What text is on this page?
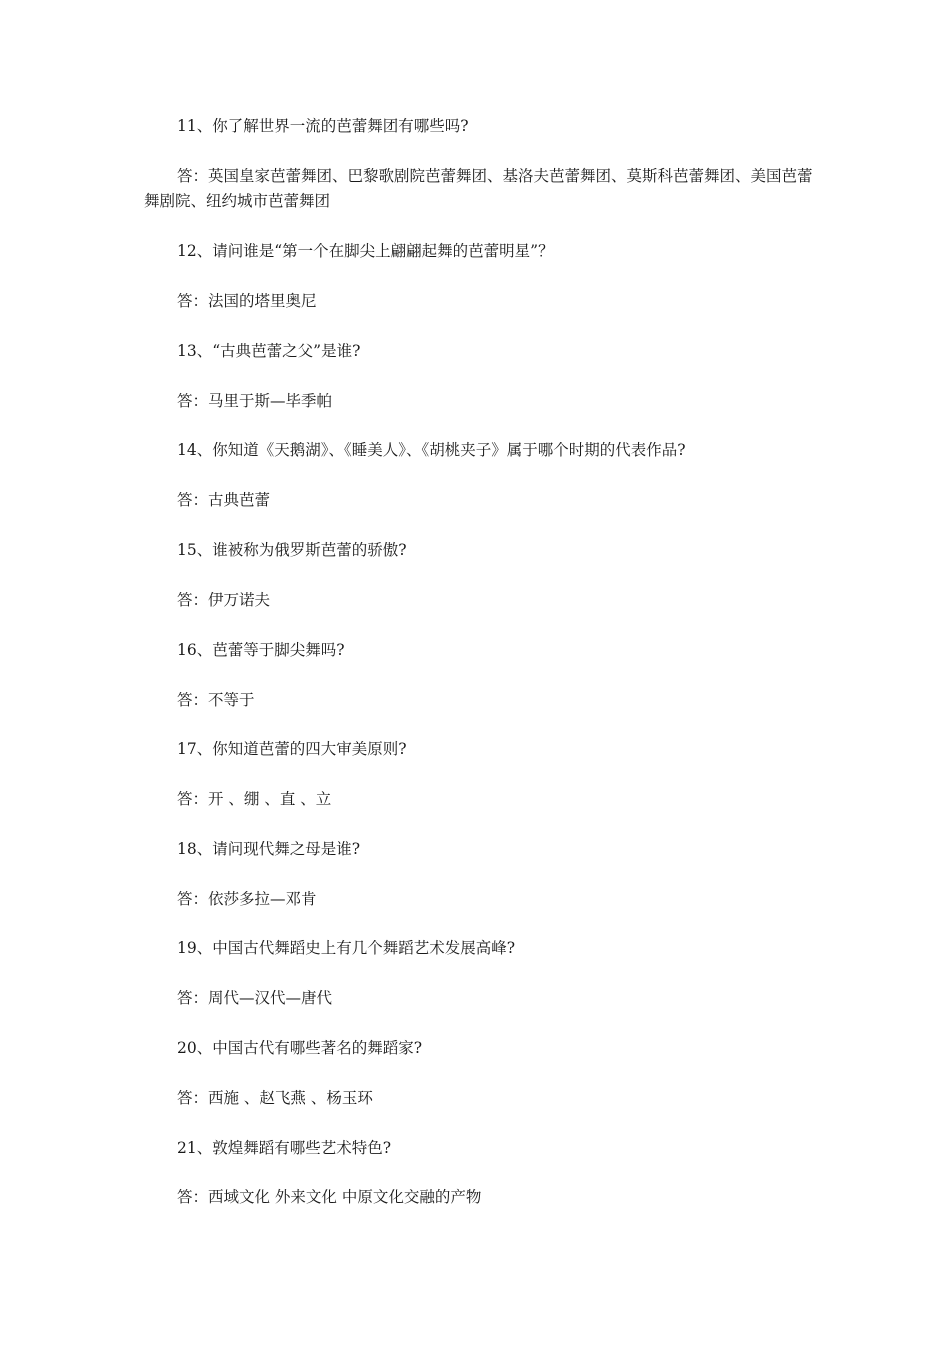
11、你了解世界一流的芭蕾舞团有哪些吗?
答：英国皇家芭蕾舞团、巴黎歌剧院芭蕾舞团、基洛夫芭蕾舞团、莫斯科芭蕾舞团、美国芭蕾舞剧院、纽约城市芭蕾舞团
12、请问谁是“第一个在脚尖上翩翩起舞的芭蕾明星”？
答：法国的塔里奥尼
13、“古典芭蕾之父”是谁?
答：马里于斯—毕季帕
14、你知道《天鹅湖》、《睡美人》、《胡桃夹子》属于哪个时期的代表作品?
答：古典芭蕾
15、谁被称为俄罗斯芭蕾的骄傲?
答：伊万诺夫
16、芭蕾等于脚尖舞吗?
答：不等于
17、你知道芭蕾的四大审美原则?
答：开 、绷 、直 、立
18、请问现代舞之母是谁?
答：依莎多拉—邓肯
19、中国古代舞蹈史上有几个舞蹈艺术发展高峰?
答：周代—汉代—唐代
20、中国古代有哪些著名的舞蹈家?
答：西施 、赵飞燕 、杨玉环
21、敦煌舞蹈有哪些艺术特色?
答：西域文化 外来文化 中原文化交融的产物
